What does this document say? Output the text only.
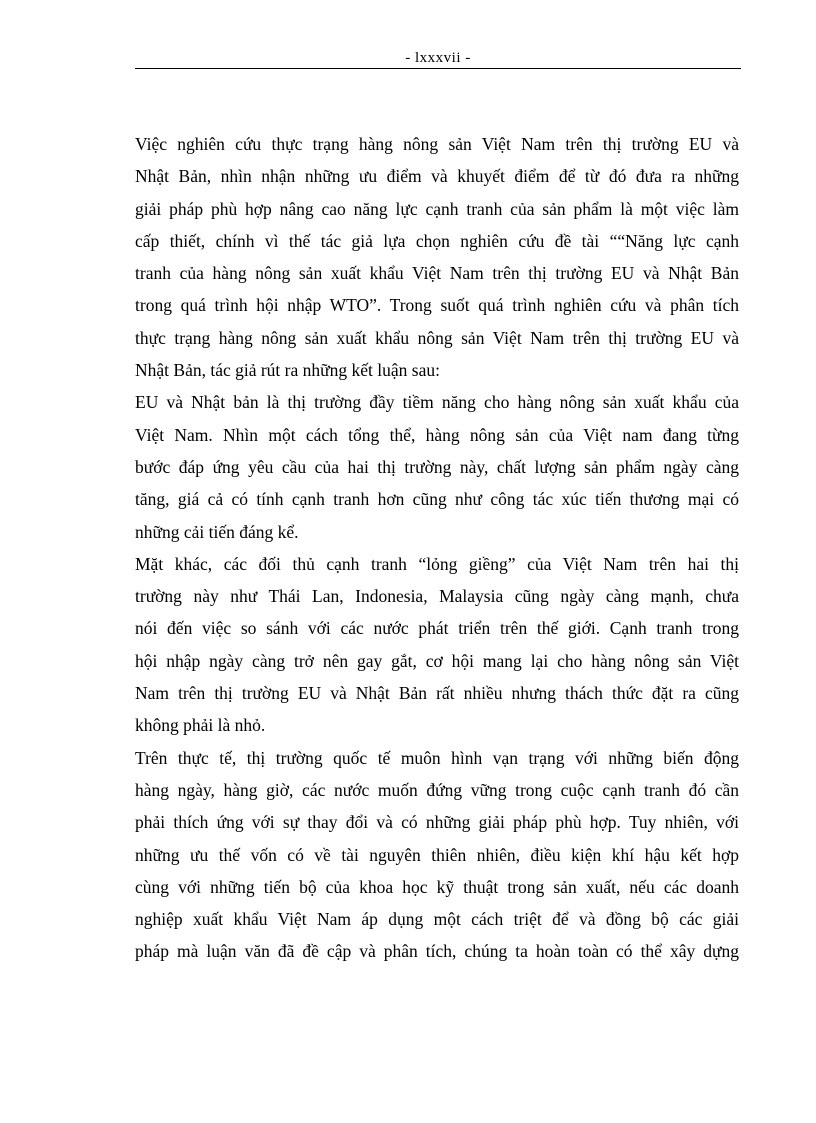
- lxxxvii -

Việc nghiên cứu thực trạng hàng nông sản Việt Nam trên thị trường EU và

Nhật Bản, nhìn nhận những ưu điểm và khuyết điểm để từ đó đưa ra những

giải pháp phù hợp nâng cao năng lực cạnh tranh của sản phẩm là một việc làm

cấp thiết, chính vì thế tác giả lựa chọn nghiên cứu đề tài ““Năng lực cạnh

tranh của hàng nông sản xuất khẩu Việt Nam trên thị trường EU và Nhật Bản

trong quá trình hội nhập WTO”. Trong suốt quá trình nghiên cứu và phân tích

thực trạng hàng nông sản xuất khẩu nông sản Việt Nam trên thị trường EU và

Nhật Bản, tác giả rút ra những kết luận sau:

EU và Nhật bản là thị trường đầy tiềm năng cho hàng nông sản xuất khẩu của

Việt Nam. Nhìn một cách tổng thể, hàng nông sản của Việt nam đang từng

bước đáp ứng yêu cầu của hai thị trường này, chất lượng sản phẩm ngày càng

tăng, giá cả có tính cạnh tranh hơn cũng như công tác xúc tiến thương mại có

những cải tiến đáng kể.

Mặt khác, các đối thủ cạnh tranh “lỏng giềng” của Việt Nam trên hai thị

trường này như Thái Lan, Indonesia, Malaysia cũng ngày càng mạnh, chưa

nói đến việc so sánh với các nước phát triển trên thế giới. Cạnh tranh trong

hội nhập ngày càng trở nên gay gắt, cơ hội mang lại cho hàng nông sản Việt

Nam trên thị trường EU và Nhật Bản rất nhiều nhưng thách thức đặt ra cũng

không phải là nhỏ.

Trên thực tế, thị trường quốc tế muôn hình vạn trạng với những biến động

hàng ngày, hàng giờ, các nước muốn đứng vững trong cuộc cạnh tranh đó cần

phải thích ứng với sự thay đổi và có những giải pháp phù hợp. Tuy nhiên, với

những ưu thế vốn có về tài nguyên thiên nhiên, điều kiện khí hậu kết hợp

cùng với những tiến bộ của khoa học kỹ thuật trong sản xuất, nếu các doanh

nghiệp xuất khẩu Việt Nam áp dụng một cách triệt để và đồng bộ các giải

pháp mà luận văn đã đề cập và phân tích, chúng ta hoàn toàn có thể xây dựng
